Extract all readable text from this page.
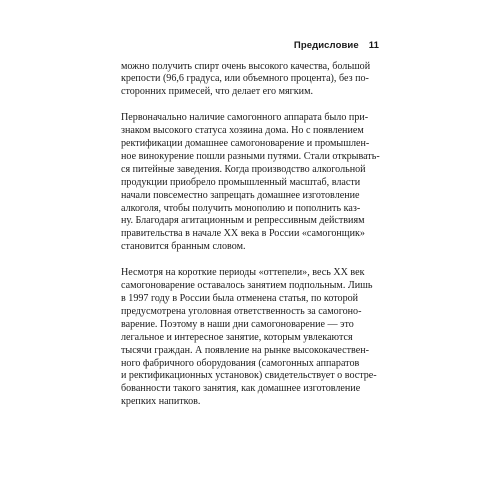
Предисловие 11

можно получить спирт очень высокого качества, большой
крепости (96,6 градуса, или объемного процента), без по-
сторонних примесей, что делает его мягким.

Первоначально наличие самогонного аппарата было при-
знаком высокого статуса хозяина дома. Но с появлением
ректификации домашнее самогоноварение и промышлен-
ное винокурение пошли разными путями. Стали открывать-
ся питейные заведения. Когда производство алкогольной
продукции приобрело промышленный масштаб, власти
начали повсеместно запрещать домашнее изготовление
алкоголя, чтобы получить монополию и пополнить каз-
ну. Благодаря агитационным и репрессивным действиям
правительства в начале XX века в России «самогонщик»
становится бранным словом.

Несмотря на короткие периоды «оттепели», весь XX век
самогоноварение оставалось занятием подпольным. Лишь
в 1997 году в России была отменена статья, по которой
предусмотрена уголовная ответственность за самогоно-
варение. Поэтому в наши дни самогоноварение — это
легальное и интересное занятие, которым увлекаются
тысячи граждан. А появление на рынке высококачествен-
ного фабричного оборудования (самогонных аппаратов
и ректификационных установок) свидетельствует о востре-
бованности такого занятия, как домашнее изготовление
крепких напитков.
